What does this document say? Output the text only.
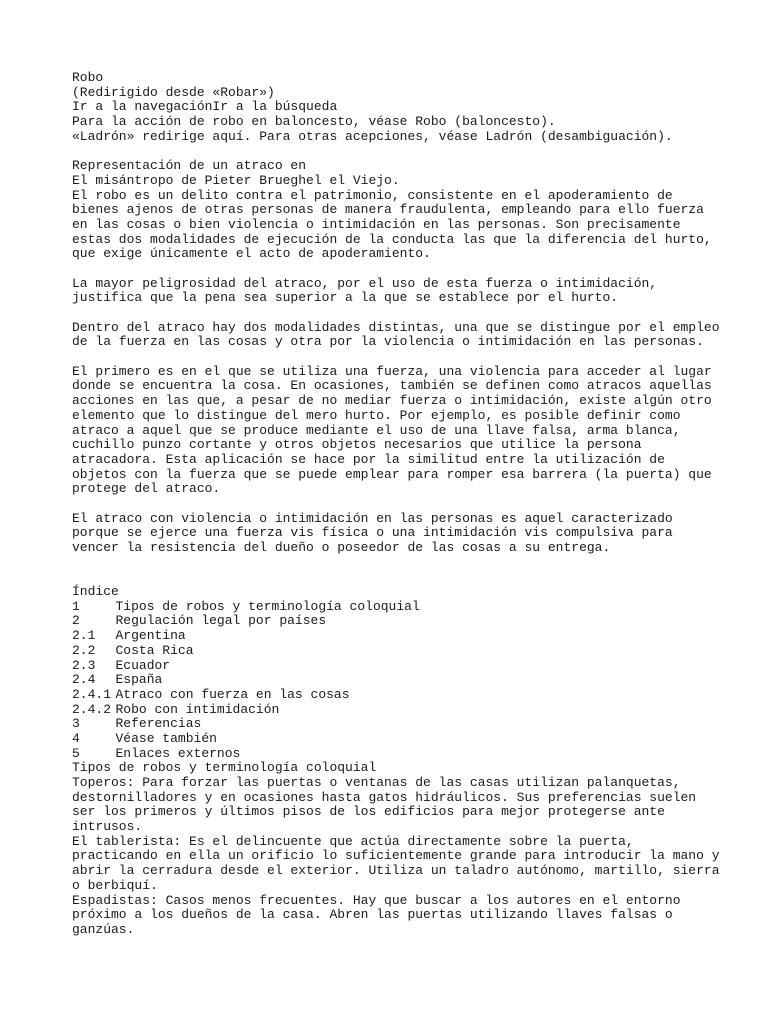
Robo
(Redirigido desde «Robar»)
Ir a la navegaciónIr a la búsqueda
Para la acción de robo en baloncesto, véase Robo (baloncesto).
«Ladrón» redirige aquí. Para otras acepciones, véase Ladrón (desambiguación).
Representación de un atraco en
El misántropo de Pieter Brueghel el Viejo.
El robo es un delito contra el patrimonio, consistente en el apoderamiento de
bienes ajenos de otras personas de manera fraudulenta, empleando para ello fuerza
en las cosas o bien violencia o intimidación en las personas. Son precisamente
estas dos modalidades de ejecución de la conducta las que la diferencia del hurto,
que exige únicamente el acto de apoderamiento.
La mayor peligrosidad del atraco, por el uso de esta fuerza o intimidación,
justifica que la pena sea superior a la que se establece por el hurto.
Dentro del atraco hay dos modalidades distintas, una que se distingue por el empleo
de la fuerza en las cosas y otra por la violencia o intimidación en las personas.
El primero es en el que se utiliza una fuerza, una violencia para acceder al lugar
donde se encuentra la cosa. En ocasiones, también se definen como atracos aquellas
acciones en las que, a pesar de no mediar fuerza o intimidación, existe algún otro
elemento que lo distingue del mero hurto. Por ejemplo, es posible definir como
atraco a aquel que se produce mediante el uso de una llave falsa, arma blanca,
cuchillo punzo cortante y otros objetos necesarios que utilice la persona
atracadora. Esta aplicación se hace por la similitud entre la utilización de
objetos con la fuerza que se puede emplear para romper esa barrera (la puerta) que
protege del atraco.
El atraco con violencia o intimidación en las personas es aquel caracterizado
porque se ejerce una fuerza vis física o una intimidación vis compulsiva para
vencer la resistencia del dueño o poseedor de las cosas a su entrega.
Índice
1	Tipos de robos y terminología coloquial
2	Regulación legal por países
2.1	Argentina
2.2	Costa Rica
2.3	Ecuador
2.4	España
2.4.1 Atraco con fuerza en las cosas
2.4.2 Robo con intimidación
3	Referencias
4	Véase también
5	Enlaces externos
Tipos de robos y terminología coloquial
Toperos: Para forzar las puertas o ventanas de las casas utilizan palanquetas,
destornilladores y en ocasiones hasta gatos hidráulicos. Sus preferencias suelen
ser los primeros y últimos pisos de los edificios para mejor protegerse ante
intrusos.
El tablerista: Es el delincuente que actúa directamente sobre la puerta,
practicando en ella un orificio lo suficientemente grande para introducir la mano y
abrir la cerradura desde el exterior. Utiliza un taladro autónomo, martillo, sierra
o berbiquí.
Espadistas: Casos menos frecuentes. Hay que buscar a los autores en el entorno
próximo a los dueños de la casa. Abren las puertas utilizando llaves falsas o
ganzúas.
